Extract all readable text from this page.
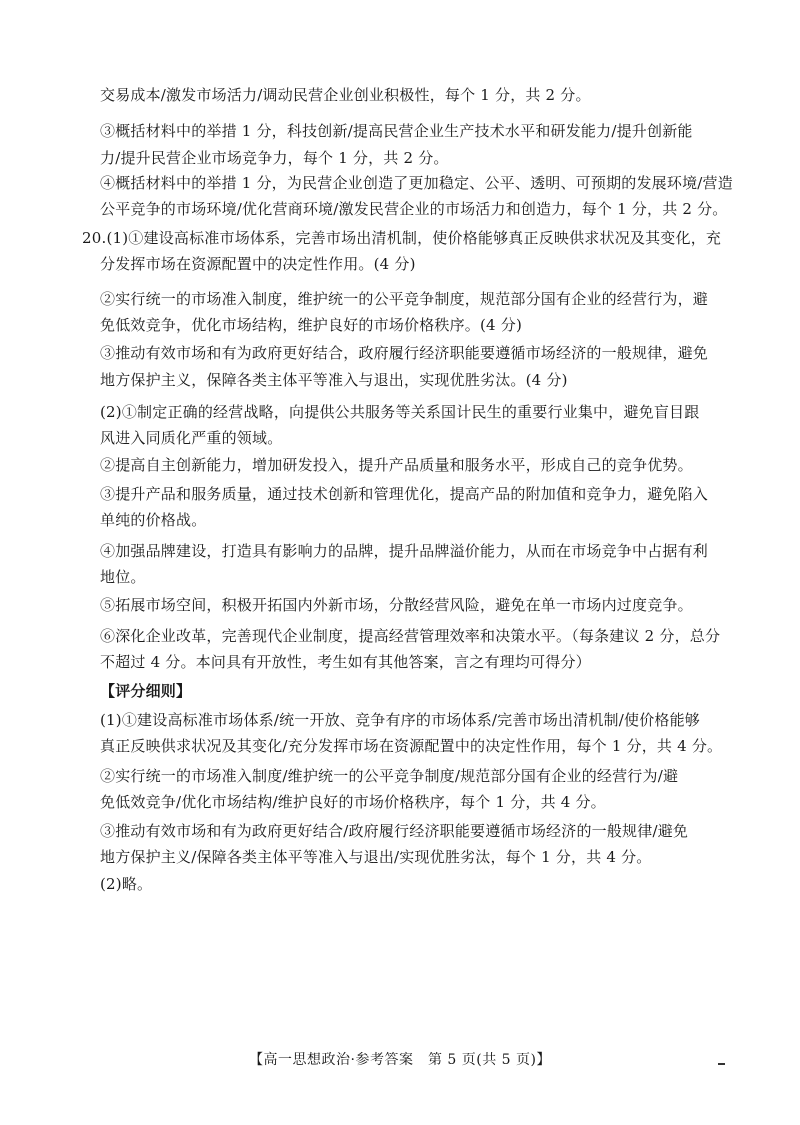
交易成本/激发市场活力/调动民营企业创业积极性，每个 1 分，共 2 分。
③概括材料中的举措 1 分，科技创新/提高民营企业生产技术水平和研发能力/提升创新能
力/提升民营企业市场竞争力，每个 1 分，共 2 分。
④概括材料中的举措 1 分，为民营企业创造了更加稳定、公平、透明、可预期的发展环境/营造
公平竞争的市场环境/优化营商环境/激发民营企业的市场活力和创造力，每个 1 分，共 2 分。
20.(1)①建设高标准市场体系，完善市场出清机制，使价格能够真正反映供求状况及其变化，充
分发挥市场在资源配置中的决定性作用。(4 分)
②实行统一的市场准入制度，维护统一的公平竞争制度，规范部分国有企业的经营行为，避
免低效竞争，优化市场结构，维护良好的市场价格秩序。(4 分)
③推动有效市场和有为政府更好结合，政府履行经济职能要遵循市场经济的一般规律，避免
地方保护主义，保障各类主体平等准入与退出，实现优胜劣汰。(4 分)
(2)①制定正确的经营战略，向提供公共服务等关系国计民生的重要行业集中，避免盲目跟
风进入同质化严重的领域。
②提高自主创新能力，增加研发投入，提升产品质量和服务水平，形成自己的竞争优势。
③提升产品和服务质量，通过技术创新和管理优化，提高产品的附加值和竞争力，避免陷入
单纯的价格战。
④加强品牌建设，打造具有影响力的品牌，提升品牌溢价能力，从而在市场竞争中占据有利
地位。
⑤拓展市场空间，积极开拓国内外新市场，分散经营风险，避免在单一市场内过度竞争。
⑥深化企业改革，完善现代企业制度，提高经营管理效率和决策水平。（每条建议 2 分，总分
不超过 4 分。本问具有开放性，考生如有其他答案，言之有理均可得分）
【评分细则】
(1)①建设高标准市场体系/统一开放、竞争有序的市场体系/完善市场出清机制/使价格能够
真正反映供求状况及其变化/充分发挥市场在资源配置中的决定性作用，每个 1 分，共 4 分。
②实行统一的市场准入制度/维护统一的公平竞争制度/规范部分国有企业的经营行为/避
免低效竞争/优化市场结构/维护良好的市场价格秩序，每个 1 分，共 4 分。
③推动有效市场和有为政府更好结合/政府履行经济职能要遵循市场经济的一般规律/避免
地方保护主义/保障各类主体平等准入与退出/实现优胜劣汰，每个 1 分，共 4 分。
(2)略。
【高一思想政治·参考答案　第 5 页(共 5 页)】
